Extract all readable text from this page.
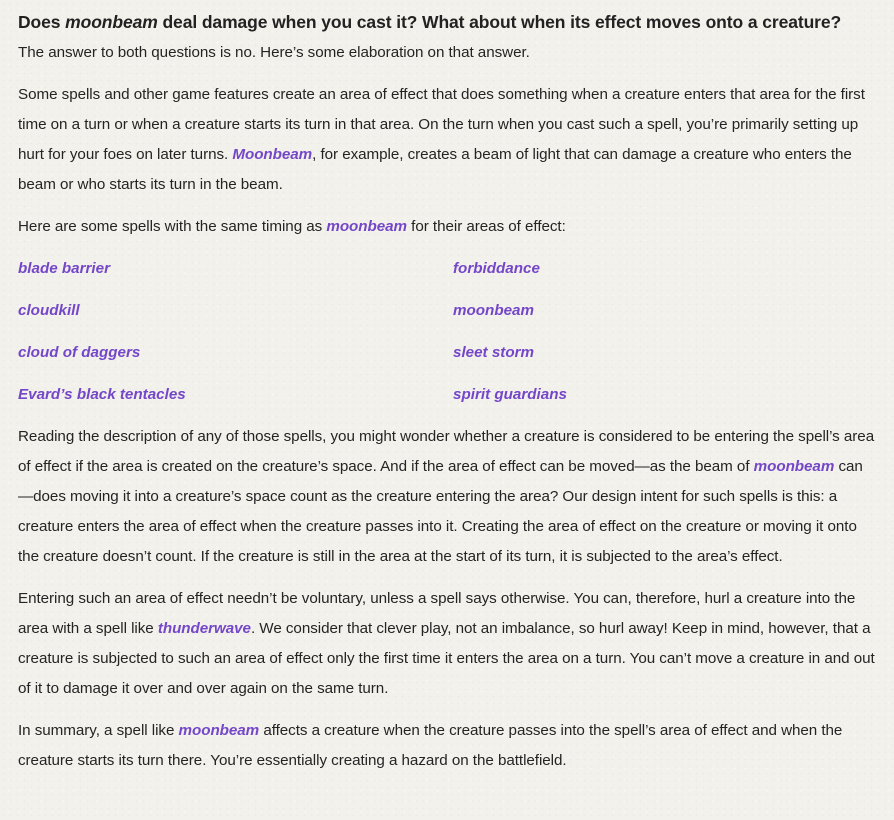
Does moonbeam deal damage when you cast it? What about when its effect moves onto a creature?

The answer to both questions is no. Here’s some elaboration on that answer.

Some spells and other game features create an area of effect that does something when a creature enters that area for the first time on a turn or when a creature starts its turn in that area. On the turn when you cast such a spell, you’re primarily setting up hurt for your foes on later turns. Moonbeam, for example, creates a beam of light that can damage a creature who enters the beam or who starts its turn in the beam.

Here are some spells with the same timing as moonbeam for their areas of effect:

blade barrier	forbiddance
cloudkill	moonbeam
cloud of daggers	sleet storm
Evard’s black tentacles	spirit guardians

Reading the description of any of those spells, you might wonder whether a creature is considered to be entering the spell’s area of effect if the area is created on the creature’s space. And if the area of effect can be moved—as the beam of moonbeam can—does moving it into a creature’s space count as the creature entering the area? Our design intent for such spells is this: a creature enters the area of effect when the creature passes into it. Creating the area of effect on the creature or moving it onto the creature doesn’t count. If the creature is still in the area at the start of its turn, it is subjected to the area’s effect.

Entering such an area of effect needn’t be voluntary, unless a spell says otherwise. You can, therefore, hurl a creature into the area with a spell like thunderwave. We consider that clever play, not an imbalance, so hurl away! Keep in mind, however, that a creature is subjected to such an area of effect only the first time it enters the area on a turn. You can’t move a creature in and out of it to damage it over and over again on the same turn.

In summary, a spell like moonbeam affects a creature when the creature passes into the spell’s area of effect and when the creature starts its turn there. You’re essentially creating a hazard on the battlefield.
